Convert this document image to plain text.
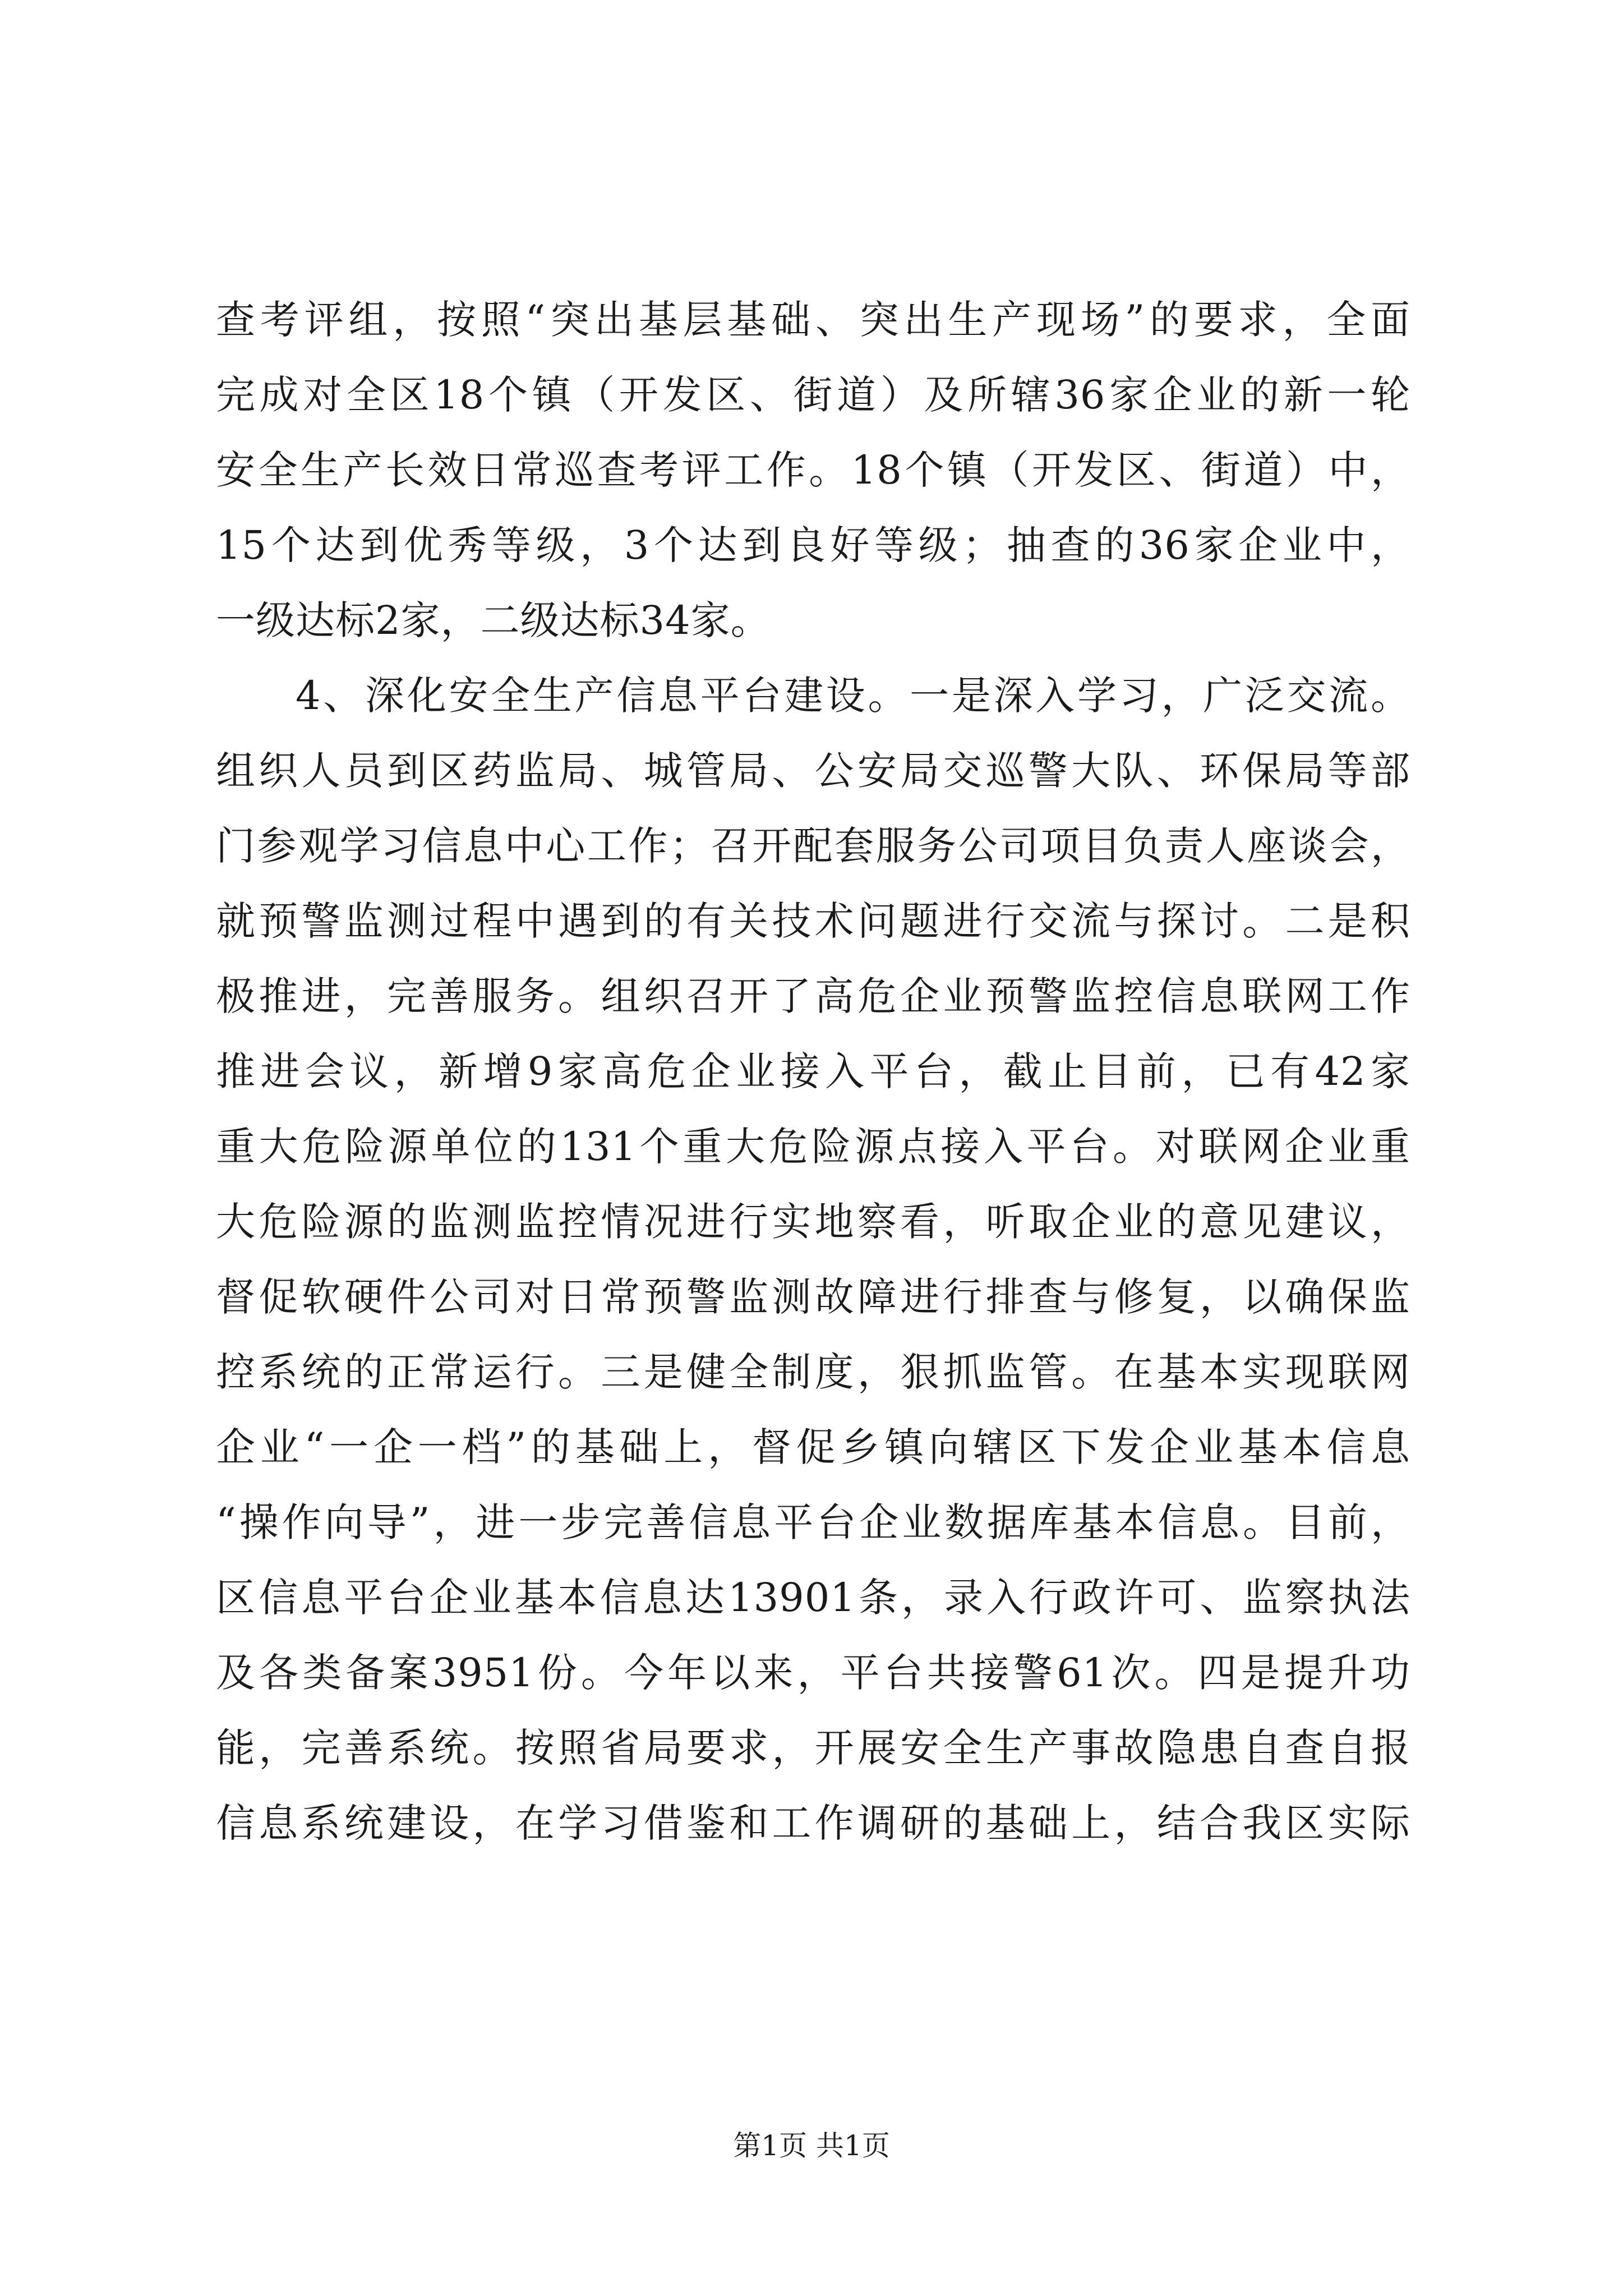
查考评组，按照“突出基层基础、突出生产现场”的要求，全面
完成对全区18个镇（开发区、街道）及所辖36家企业的新一轮
安全生产长效日常巡查考评工作。18个镇（开发区、街道）中，
15个达到优秀等级，3个达到良好等级；抽查的36家企业中，
一级达标2家，二级达标34家。
4、深化安全生产信息平台建设。一是深入学习，广泛交流。
组织人员到区药监局、城管局、公安局交巡警大队、环保局等部
门参观学习信息中心工作；召开配套服务公司项目负责人座谈会，
就预警监测过程中遇到的有关技术问题进行交流与探讨。二是积
极推进，完善服务。组织召开了高危企业预警监控信息联网工作
推进会议，新增9家高危企业接入平台，截止目前，已有42家
重大危险源单位的131个重大危险源点接入平台。对联网企业重
大危险源的监测监控情况进行实地察看，听取企业的意见建议，
督促软硬件公司对日常预警监测故障进行排查与修复，以确保监
控系统的正常运行。三是健全制度，狠抓监管。在基本实现联网
企业“一企一档”的基础上，督促乡镇向辖区下发企业基本信息
“操作向导”，进一步完善信息平台企业数据库基本信息。目前，
区信息平台企业基本信息达13901条，录入行政许可、监察执法
及各类备案3951份。今年以来，平台共接警61次。四是提升功
能，完善系统。按照省局要求，开展安全生产事故隐患自查自报
信息系统建设，在学习借鉴和工作调研的基础上，结合我区实际
第1页 共1页
